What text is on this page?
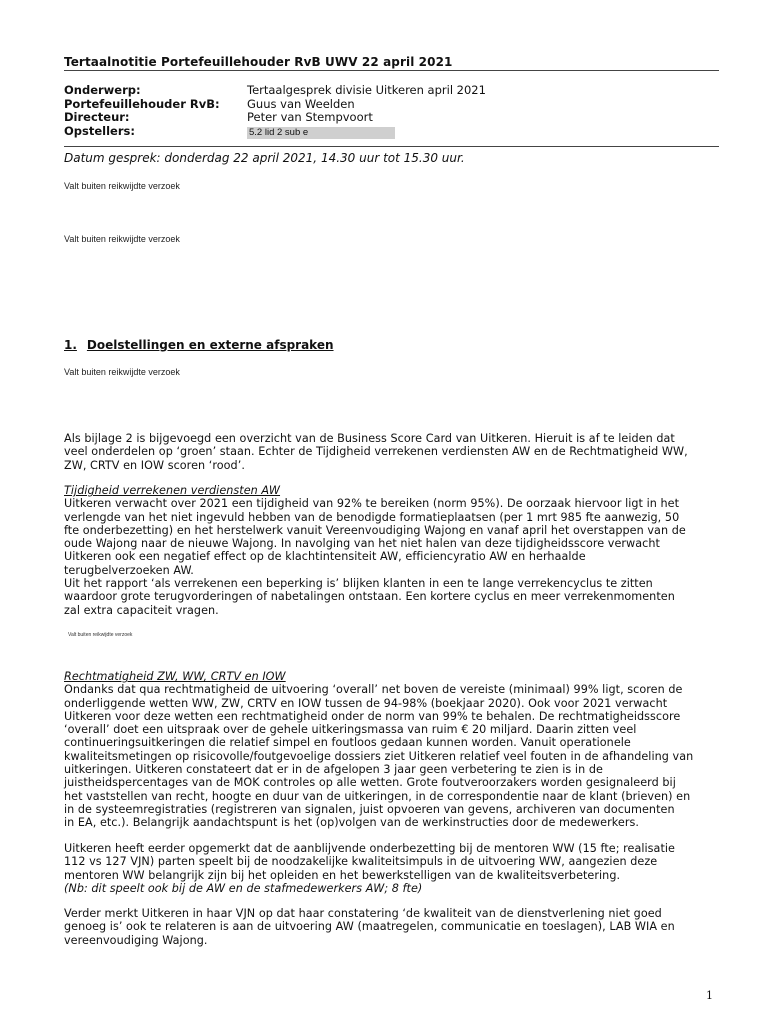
Tertaalnotitie Portefeuillehouder RvB UWV 22 april 2021
Onderwerp:	Tertaalgesprek divisie Uitkeren april 2021
Portefeuillehouder RvB:	Guus van Weelden
Directeur:	Peter van Stempvoort
Opstellers:	5.2 lid 2 sub e
Datum gesprek: donderdag 22 april 2021, 14.30 uur tot 15.30 uur.
Valt buiten reikwijdte verzoek
Valt buiten reikwijdte verzoek
1. Doelstellingen en externe afspraken
Valt buiten reikwijdte verzoek

Als bijlage 2 is bijgevoegd een overzicht van de Business Score Card van Uitkeren. Hieruit is af te leiden dat

veel onderdelen op ‘groen’ staan. Echter de Tijdigheid verrekenen verdiensten AW en de Rechtmatigheid WW,

ZW, CRTV en IOW scoren ‘rood’.

Tijdigheid verrekenen verdiensten AW

Uitkeren verwacht over 2021 een tijdigheid van 92% te bereiken (norm 95%). De oorzaak hiervoor ligt in het

verlengde van het niet ingevuld hebben van de benodigde formatieplaatsen (per 1 mrt 985 fte aanwezig, 50

fte onderbezetting) en het herstelwerk vanuit Vereenvoudiging Wajong en vanaf april het overstappen van de

oude Wajong naar de nieuwe Wajong. In navolging van het niet halen van deze tijdigheidsscore verwacht

Uitkeren ook een negatief effect op de klachtintensiteit AW, efficiencyratio AW en herhaalde

terugbelverzoeken AW.

Uit het rapport ‘als verrekenen een beperking is’ blijken klanten in een te lange verrekencyclus te zitten

waardoor grote terugvorderingen of nabetalingen ontstaan. Een kortere cyclus en meer verrekenmomenten

zal extra capaciteit vragen.

Valt buiten reikwijdte verzoek

Rechtmatigheid ZW, WW, CRTV en IOW

Ondanks dat qua rechtmatigheid de uitvoering ‘overall’ net boven de vereiste (minimaal) 99% ligt, scoren de

onderliggende wetten WW, ZW, CRTV en IOW tussen de 94-98% (boekjaar 2020). Ook voor 2021 verwacht

Uitkeren voor deze wetten een rechtmatigheid onder de norm van 99% te behalen. De rechtmatigheidsscore

‘overall’ doet een uitspraak over de gehele uitkeringsmassa van ruim € 20 miljard. Daarin zitten veel

continueringsuitkeringen die relatief simpel en foutloos gedaan kunnen worden. Vanuit operationele

kwaliteitsmetingen op risicovolle/foutgevoelige dossiers ziet Uitkeren relatief veel fouten in de afhandeling van

uitkeringen. Uitkeren constateert dat er in de afgelopen 3 jaar geen verbetering te zien is in de

juistheidspercentages van de MOK controles op alle wetten. Grote foutveroorzakers worden gesignaleerd bij

het vaststellen van recht, hoogte en duur van de uitkeringen, in de correspondentie naar de klant (brieven) en

in de systeemregistraties (registreren van signalen, juist opvoeren van gevens, archiveren van documenten

in EA, etc.). Belangrijk aandachtspunt is het (op)volgen van de werkinstructies door de medewerkers.

Uitkeren heeft eerder opgemerkt dat de aanblijvende onderbezetting bij de mentoren WW (15 fte; realisatie

112 vs 127 VJN) parten speelt bij de noodzakelijke kwaliteitsimpuls in de uitvoering WW, aangezien deze

mentoren WW belangrijk zijn bij het opleiden en het bewerkstelligen van de kwaliteitsverbetering.

(Nb: dit speelt ook bij de AW en de stafmedewerkers AW; 8 fte)

Verder merkt Uitkeren in haar VJN op dat haar constatering ‘de kwaliteit van de dienstverlening niet goed

genoeg is’ ook te relateren is aan de uitvoering AW (maatregelen, communicatie en toeslagen), LAB WIA en

vereenvoudiging Wajong.

1
